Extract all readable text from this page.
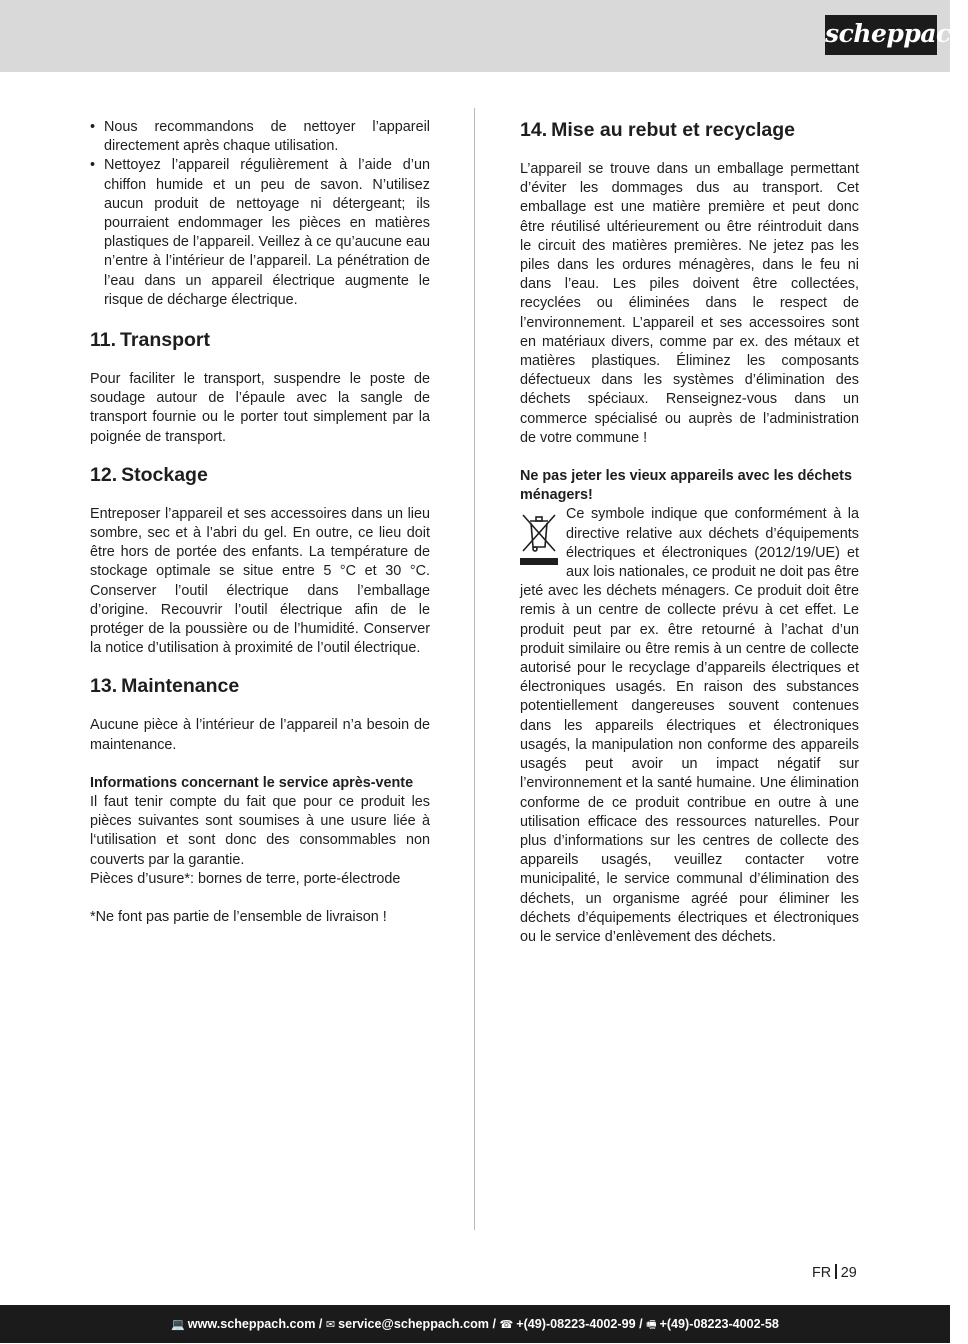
scheppach
• Nous recommandons de nettoyer l’appareil directement après chaque utilisation.
• Nettoyez l’appareil régulièrement à l’aide d’un chiffon humide et un peu de savon. N’utilisez aucun produit de nettoyage ni détergeant; ils pourraient endommager les pièces en matières plastiques de l’appareil. Veillez à ce qu’aucune eau n’entre à l’intérieur de l’appareil. La pénétration de l’eau dans un appareil électrique augmente le risque de décharge électrique.
11. Transport

Pour faciliter le transport, suspendre le poste de soudage autour de l’épaule avec la sangle de transport fournie ou le porter tout simplement par la poignée de transport.

12. Stockage

Entreposer l’appareil et ses accessoires dans un lieu sombre, sec et à l’abri du gel. En outre, ce lieu doit être hors de portée des enfants. La température de stockage optimale se situe entre 5 °C et 30 °C. Conserver l’outil électrique dans l’emballage d’origine. Recouvrir l’outil électrique afin de le protéger de la poussière ou de l’humidité. Conserver la notice d’utilisation à proximité de l’outil électrique.

13. Maintenance

Aucune pièce à l’intérieur de l’appareil n’a besoin de maintenance.

Informations concernant le service après-vente

Il faut tenir compte du fait que pour ce produit les pièces suivantes sont soumises à une usure liée à l‘utilisation et sont donc des consommables non couverts par la garantie.

Pièces d’usure*: bornes de terre, porte-électrode

*Ne font pas partie de l’ensemble de livraison !

14. Mise au rebut et recyclage

L’appareil se trouve dans un emballage permettant d’éviter les dommages dus au transport. Cet emballage est une matière première et peut donc être réutilisé ultérieurement ou être réintroduit dans le circuit des matières premières. Ne jetez pas les piles dans les ordures ménagères, dans le feu ni dans l’eau. Les piles doivent être collectées, recyclées ou éliminées dans le respect de l’environnement. L’appareil et ses accessoires sont en matériaux divers, comme par ex. des métaux et matières plastiques. Éliminez les composants défectueux dans les systèmes d’élimination des déchets spéciaux. Renseignez-vous dans un commerce spécialisé ou auprès de l’administration de votre commune !

Ne pas jeter les vieux appareils avec les déchets ménagers!

Ce symbole indique que conformément à la directive relative aux déchets d’équipements électriques et électroniques (2012/19/UE) et aux lois nationales, ce produit ne doit pas être jeté avec les déchets ménagers. Ce produit doit être remis à un centre de collecte prévu à cet effet. Le produit peut par ex. être retourné à l’achat d’un produit similaire ou être remis à un centre de collecte autorisé pour le recyclage d’appareils électriques et électroniques usagés. En raison des substances potentiellement dangereuses souvent contenues dans les appareils électriques et électroniques usagés, la manipulation non conforme des appareils usagés peut avoir un impact négatif sur l’environnement et la santé humaine. Une élimination conforme de ce produit contribue en outre à une utilisation efficace des ressources naturelles. Pour plus d’informations sur les centres de collecte des appareils usagés, veuillez contacter votre municipalité, le service communal d’élimination des déchets, un organisme agréé pour éliminer les déchets d’équipements électriques et électroniques ou le service d’enlèvement des déchets.

FR 29
💻 www.scheppach.com / ✉ service@scheppach.com / ☎ +(49)-08223-4002-99 / 🖷 +(49)-08223-4002-58
